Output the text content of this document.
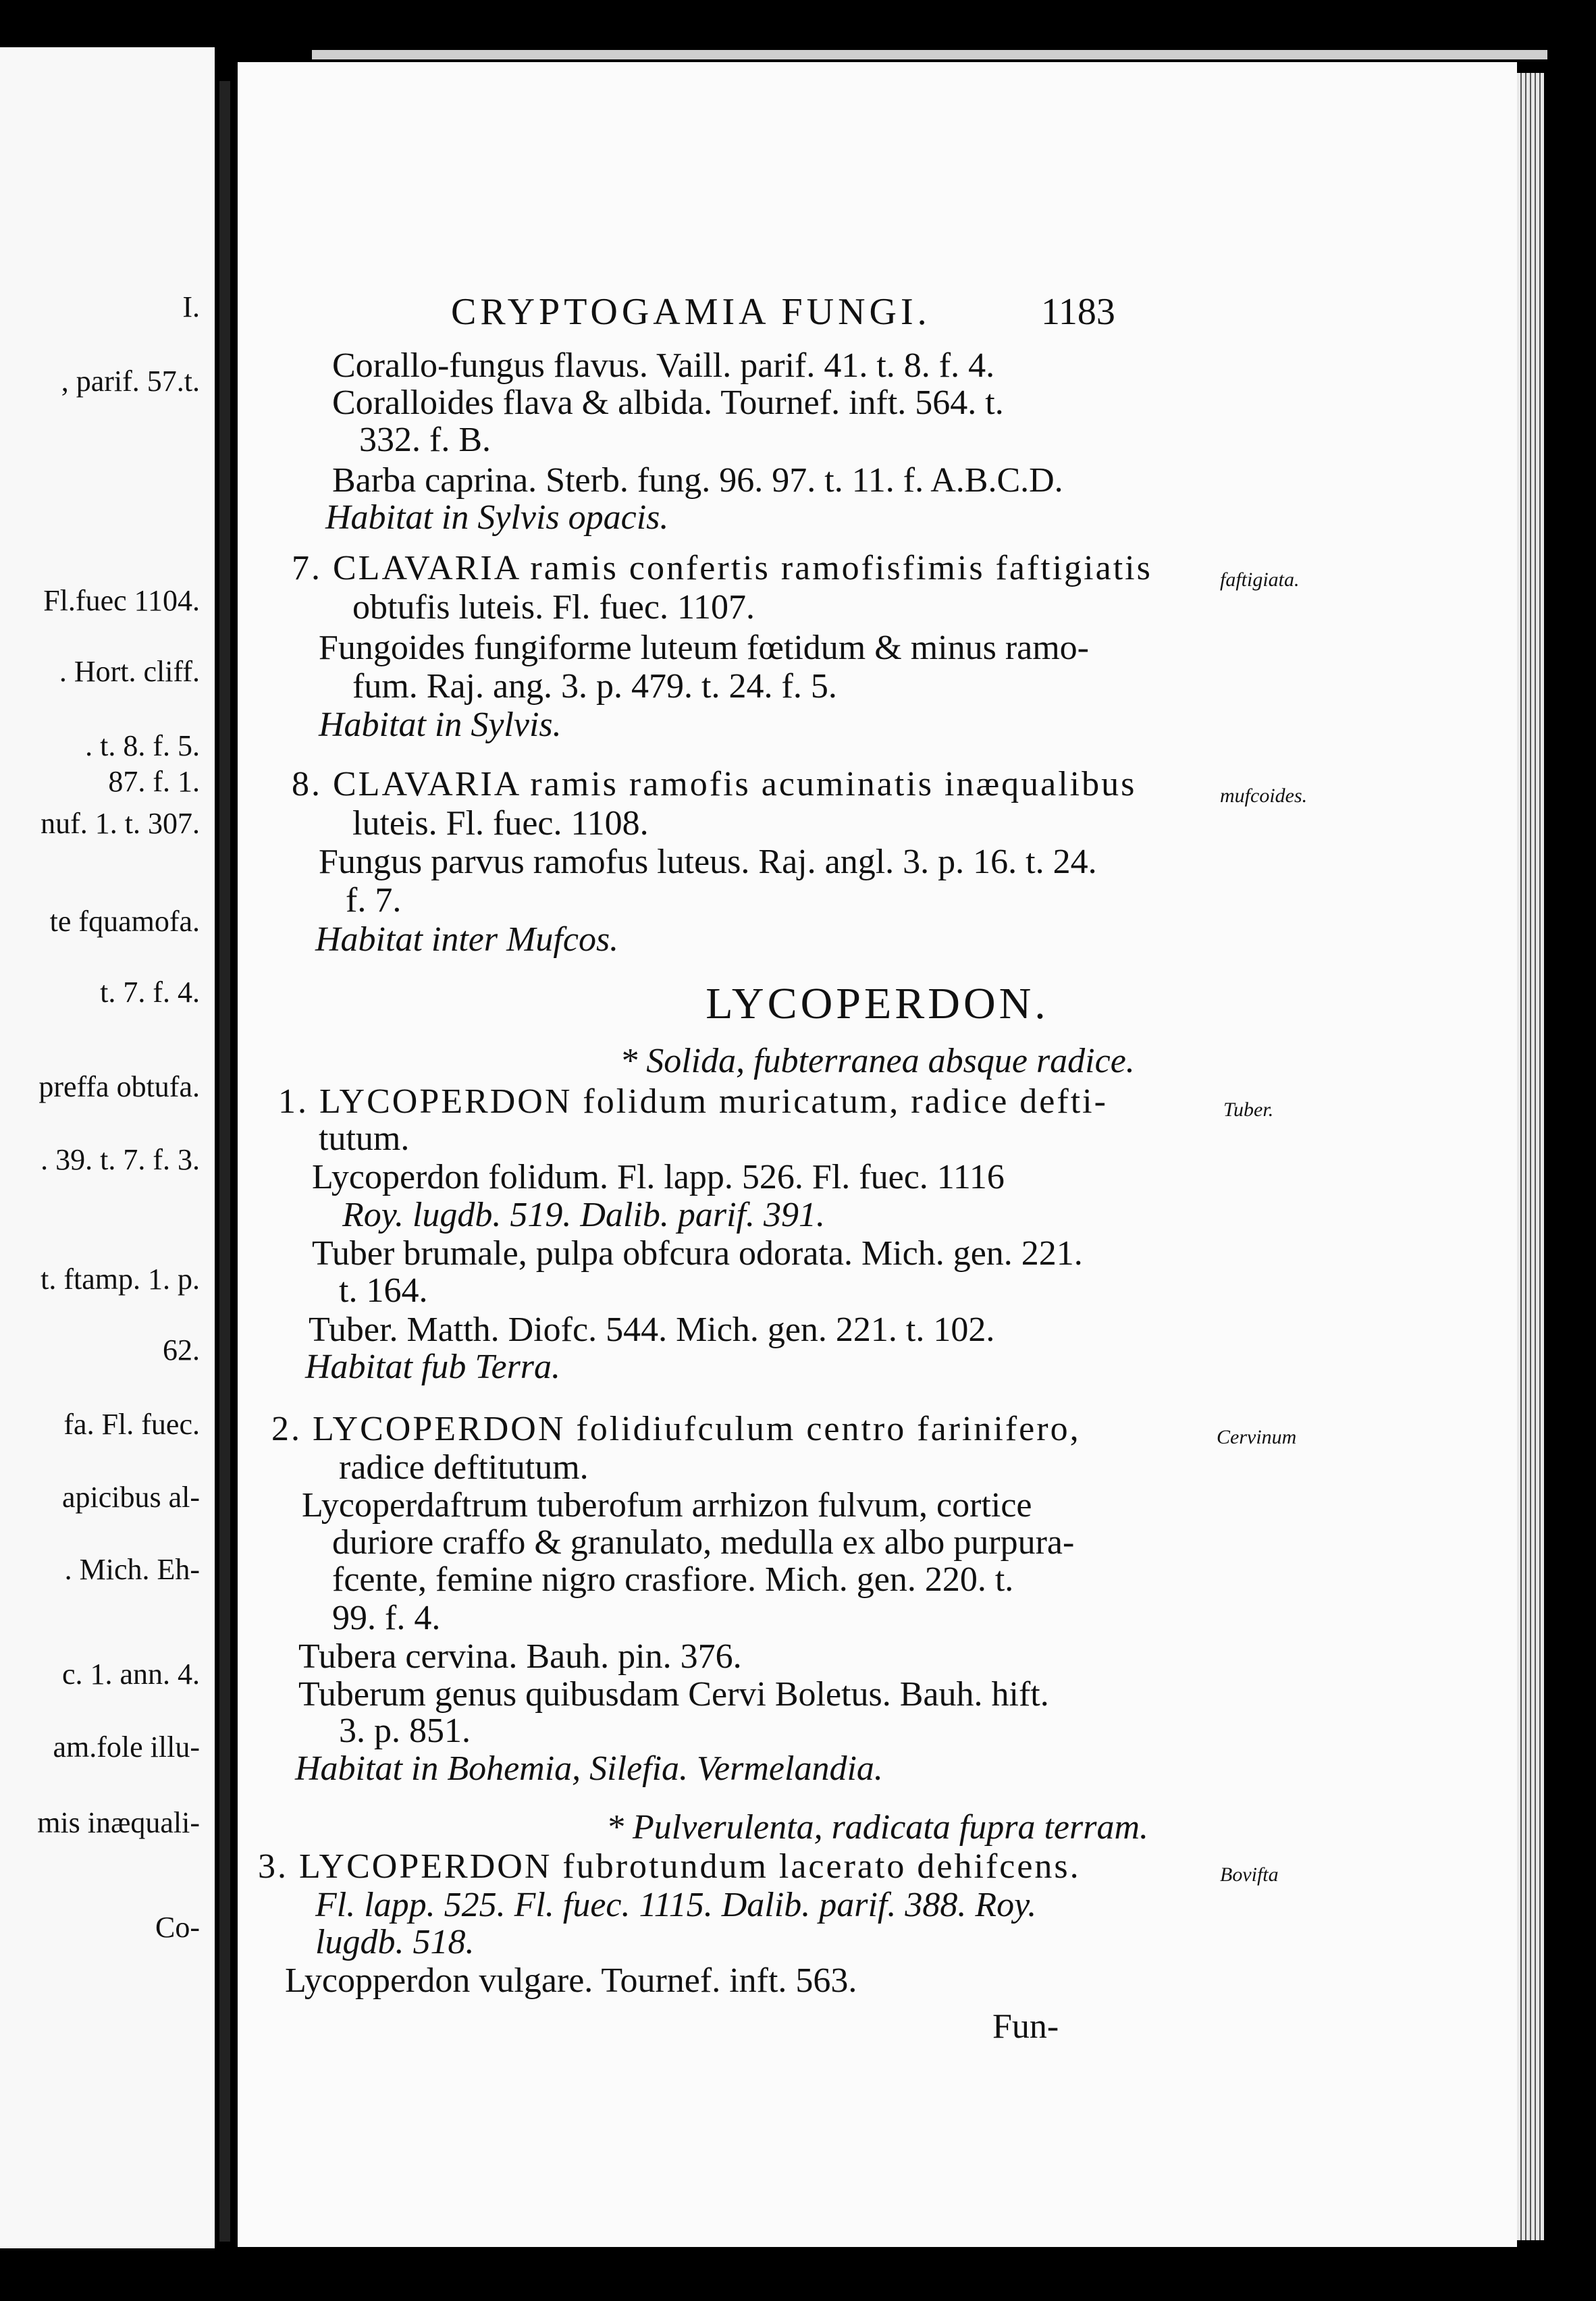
I.
, parif. 57.t.
Fl.fuec 1104.
. Hort. cliff.
. t. 8. f. 5.
87. f. 1.
nuf. 1. t. 307.
te fquamofa.
t. 7. f. 4.
preffa obtufa.
. 39. t. 7. f. 3.
t. ftamp. 1. p.
62.
fa. Fl. fuec.
apicibus al-
. Mich. Eh-
c. 1. ann. 4.
am.fole illu-
mis inæquali-
Co-
CRYPTOGAMIA FUNGI.	1183
Corallo-fungus flavus. Vaill. parif. 41. t. 8. f. 4.
Coralloides flava & albida. Tournef. inft. 564. t.
332. f. B.
Barba caprina. Sterb. fung. 96. 97. t. 11. f. A.B.C.D.
Habitat in Sylvis opacis.
7. CLAVARIA ramis confertis ramofisfimis faftigiatis	faftigiata.
obtufis luteis. Fl. fuec. 1107.
Fungoides fungiforme luteum fœtidum & minus ramo-
fum. Raj. ang. 3. p. 479. t. 24. f. 5.
Habitat in Sylvis.
8. CLAVARIA ramis ramofis acuminatis inæqualibus	mufcoides.
luteis. Fl. fuec. 1108.
Fungus parvus ramofus luteus. Raj. angl. 3. p. 16. t. 24.
f. 7.
Habitat inter Mufcos.
LYCOPERDON.
* Solida, fubterranea absque radice.
1. LYCOPERDON folidum muricatum, radice defti-	Tuber.
tutum.
Lycoperdon folidum. Fl. lapp. 526. Fl. fuec. 1116
Roy. lugdb. 519. Dalib. parif. 391.
Tuber brumale, pulpa obfcura odorata. Mich. gen. 221.
t. 164.
Tuber. Matth. Diofc. 544. Mich. gen. 221. t. 102.
Habitat fub Terra.
2. LYCOPERDON folidiufculum centro farinifero,	Cervinum
radice deftitutum.
Lycoperdaftrum tuberofum arrhizon fulvum, cortice
duriore craffo & granulato, medulla ex albo purpura-
fcente, femine nigro crasfiore. Mich. gen. 220. t.
99. f. 4.
Tubera cervina. Bauh. pin. 376.
Tuberum genus quibusdam Cervi Boletus. Bauh. hift.
3. p. 851.
Habitat in Bohemia, Silefia. Vermelandia.
* Pulverulenta, radicata fupra terram.
3. LYCOPERDON fubrotundum lacerato dehifcens.	Bovifta
Fl. lapp. 525. Fl. fuec. 1115. Dalib. parif. 388. Roy.
lugdb. 518.
Lycopperdon vulgare. Tournef. inft. 563.
Fun-
